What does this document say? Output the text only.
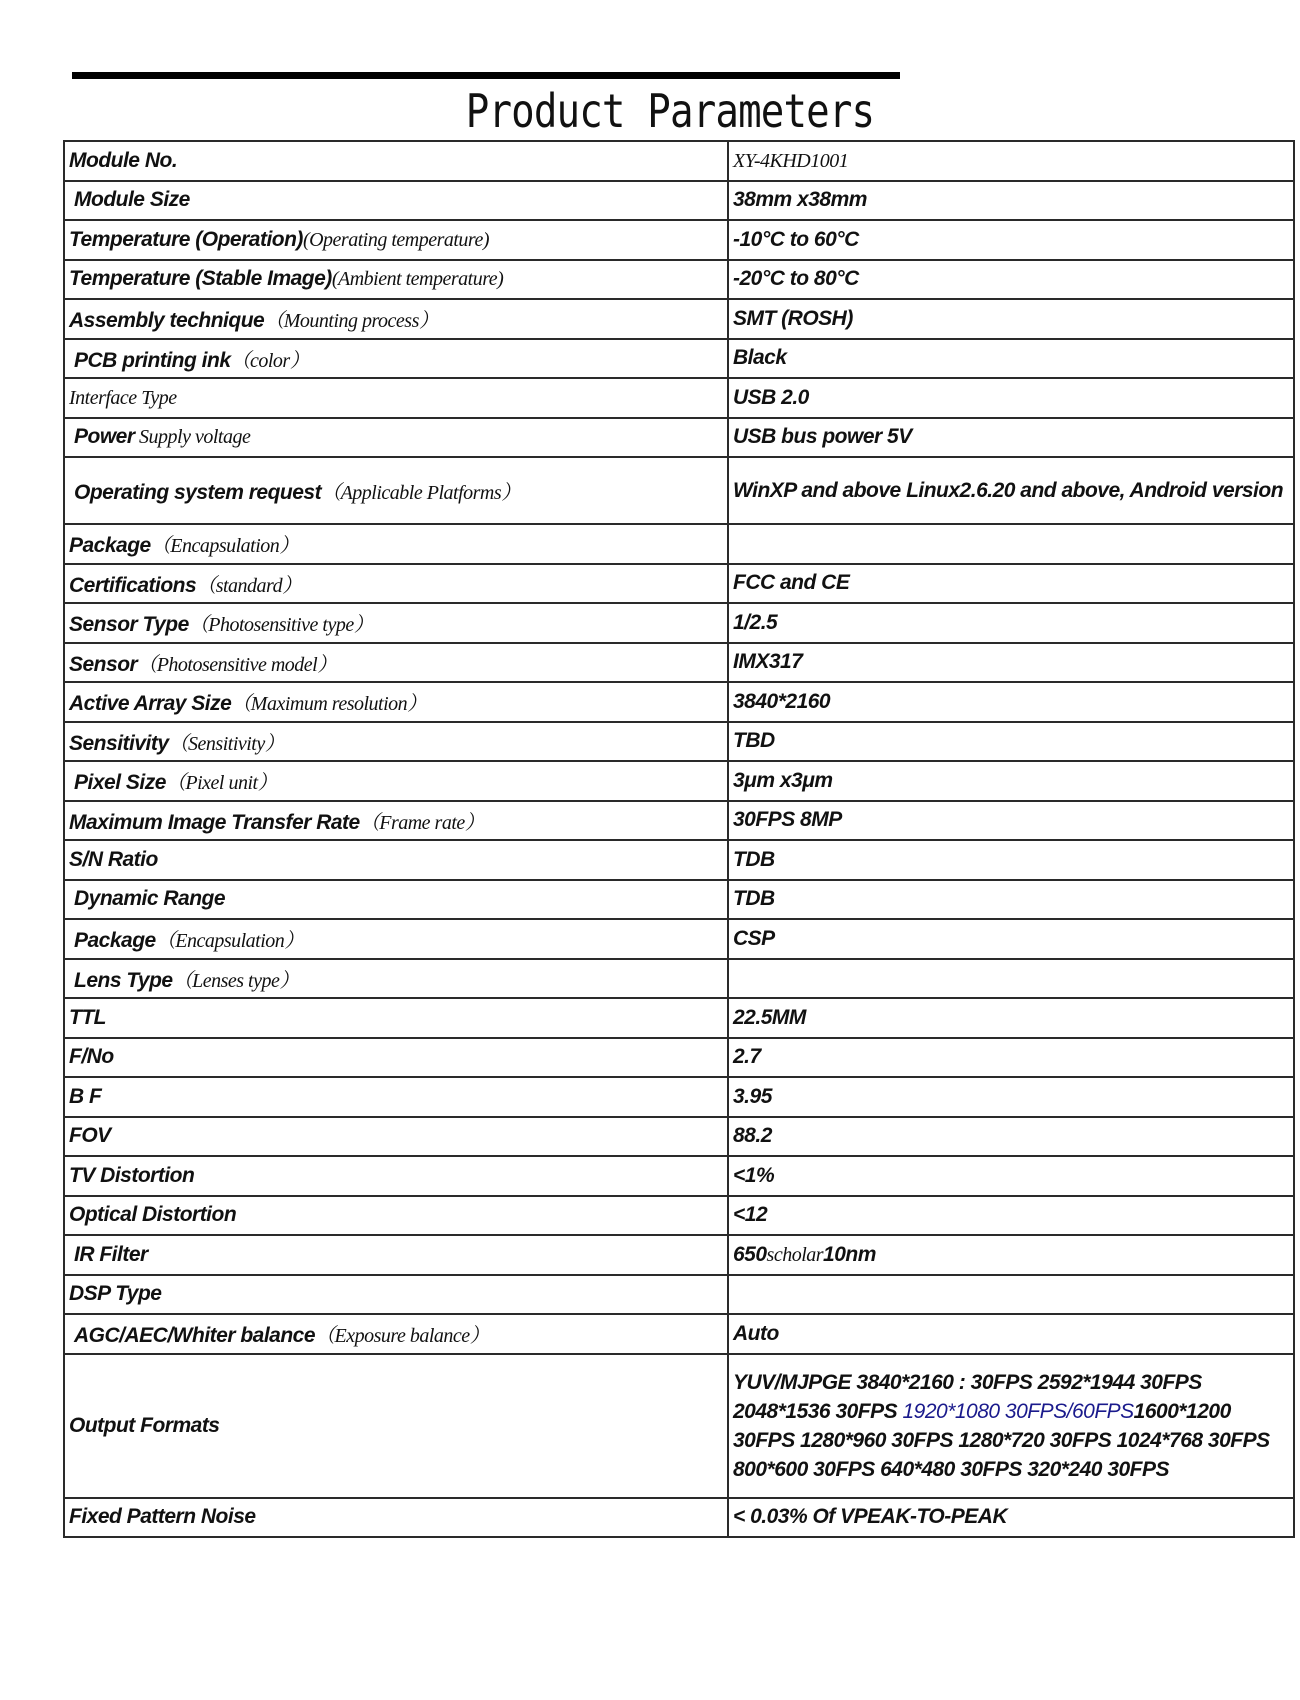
Product Parameters
Module No.	XY-4KHD1001
Module Size	38mm x38mm
Temperature (Operation)(Operating temperature)	-10°C to 60°C
Temperature (Stable Image)(Ambient temperature)	-20°C to 80°C
Assembly technique（Mounting process）	SMT (ROSH)
PCB printing ink（color）	Black
Interface Type	USB 2.0
Power Supply voltage	USB bus power 5V
Operating system request（Applicable Platforms）	WinXP and above Linux2.6.20 and above, Android version
Package（Encapsulation）	
Certifications（standard）	FCC and CE
Sensor Type（Photosensitive type）	1/2.5
Sensor（Photosensitive model）	IMX317
Active Array Size（Maximum resolution）	3840*2160
Sensitivity（Sensitivity）	TBD
Pixel Size（Pixel unit）	3μm x3μm
Maximum Image Transfer Rate（Frame rate）	30FPS 8MP
S/N Ratio	TDB
Dynamic Range	TDB
Package（Encapsulation）	CSP
Lens Type（Lenses type）	
TTL	22.5MM
F/No	2.7
B F	3.95
FOV	88.2
TV Distortion	<1%
Optical Distortion	<12
IR Filter	650scholar10nm
DSP Type	
AGC/AEC/Whiter balance（Exposure balance）	Auto
Output Formats	YUV/MJPGE 3840*2160 : 30FPS 2592*1944 30FPS 2048*1536 30FPS 1920*1080 30FPS/60FPS1600*1200 30FPS 1280*960 30FPS 1280*720 30FPS 1024*768 30FPS 800*600 30FPS 640*480 30FPS 320*240 30FPS
Fixed Pattern Noise	< 0.03% Of VPEAK-TO-PEAK
